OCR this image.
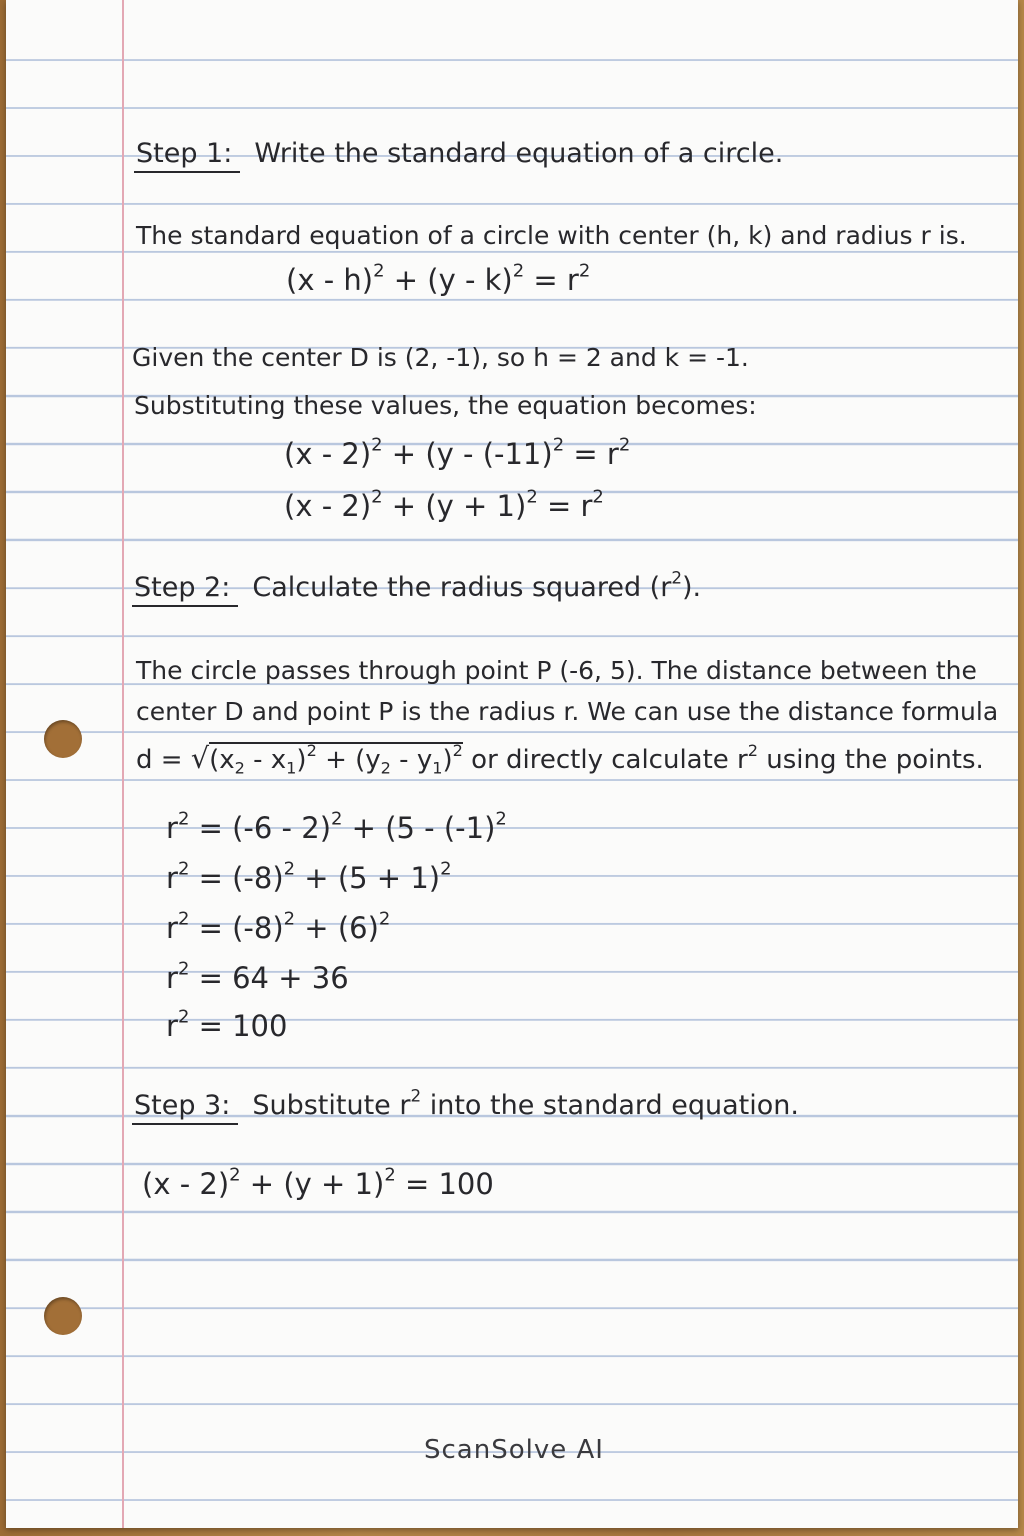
Step 1: Write the standard equation of a circle.
The standard equation of a circle with center (h, k) and radius r is.
$(x - h)^2 + (y - k)^2 = r^2$
Given the center D is (2, -1), so h = 2 and k = -1.
Substituting these values, the equation becomes:
$(x - 2)^2 + (y - (-11)^2 = r^2$
$(x - 2)^2 + (y + 1)^2 = r^2$
Step 2: Calculate the radius squared $(r^2)$.
The circle passes through point P (-6, 5). The distance between the
center D and point P is the radius r. We can use the distance formula
$d = √(x_2 - x_1)^2 + (y_2 - y_1)^2$ or directly calculate $r^2$ using the points.
$r^2 = (-6 - 2)^2 + (5 - (-1)^2$
$r^2 = (-8)^2 + (5 + 1)^2$
$r^2 = (-8)^2 + (6)^2$
$r^2 = 64 + 36$
$r^2 = 100$
Step 3: Substitute $r^2$ into the standard equation.
$(x - 2)^2 + (y + 1)^2 = 100$
ScanSolve AI
